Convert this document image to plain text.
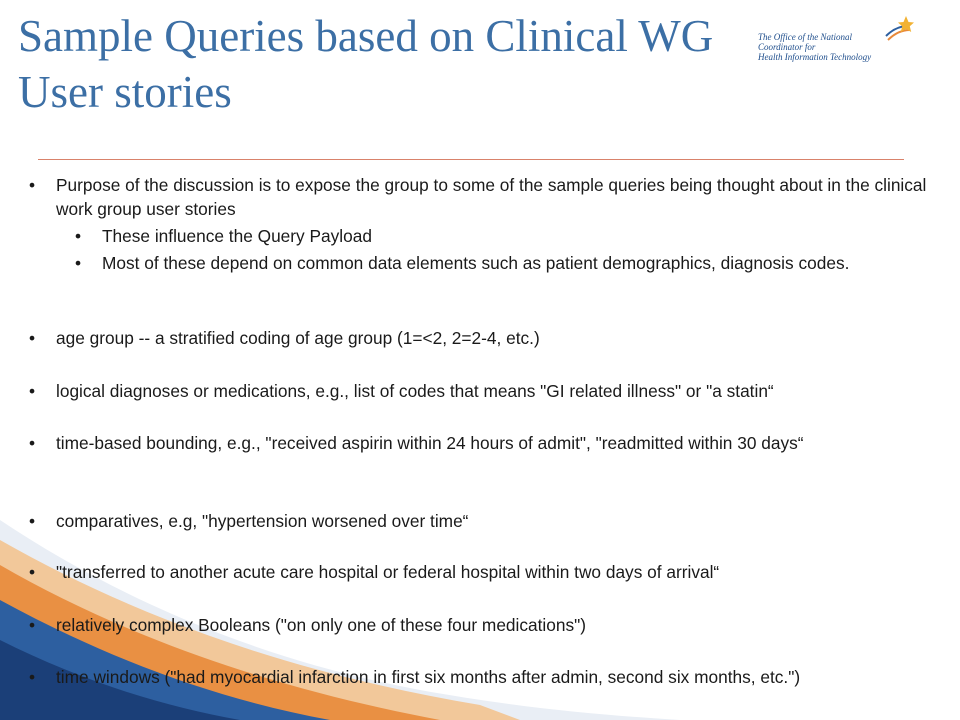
Sample Queries based on Clinical WG User stories
The Office of the National Coordinator for
Health Information Technology
• Purpose of the discussion is to expose the group to some of the sample queries being thought about in the clinical work group user stories
• These influence the Query Payload
• Most of these depend on common data elements such as patient demographics, diagnosis codes.
• age group -- a stratified coding of age group (1=<2, 2=2-4, etc.)
• logical diagnoses or medications, e.g., list of codes that means "GI related illness" or "a statin“
• time-based bounding, e.g., "received aspirin within 24 hours of admit", "readmitted within 30 days“
• comparatives, e.g, "hypertension worsened over time“
• "transferred to another acute care hospital or federal hospital within two days of arrival“
• relatively complex Booleans ("on only one of these four medications")
• time windows ("had myocardial infarction in first six months after admin, second six months, etc.")
